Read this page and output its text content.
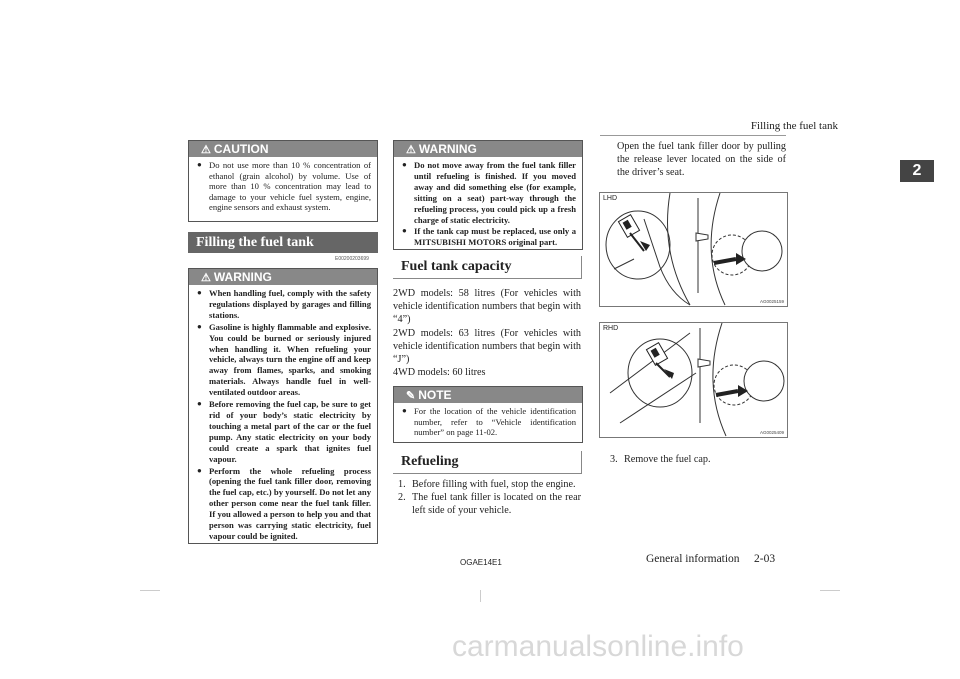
Filling the fuel tank
2
⚠ CAUTION
● Do not use more than 10 % concentration of ethanol (grain alcohol) by volume. Use of more than 10 % concentration may lead to damage to your vehicle fuel system, engine, engine sensors and exhaust system.
Filling the fuel tank
E00200203699
⚠ WARNING
● When handling fuel, comply with the safety regulations displayed by garages and filling stations.
● Gasoline is highly flammable and explosive. You could be burned or seriously injured when handling it. When refueling your vehicle, always turn the engine off and keep away from flames, sparks, and smoking materials. Always handle fuel in well-ventilated outdoor areas.
● Before removing the fuel cap, be sure to get rid of your body’s static electricity by touching a metal part of the car or the fuel pump. Any static electricity on your body could create a spark that ignites fuel vapour.
● Perform the whole refueling process (opening the fuel tank filler door, removing the fuel cap, etc.) by yourself. Do not let any other person come near the fuel tank filler. If you allowed a person to help you and that person was carrying static electricity, fuel vapour could be ignited.
⚠ WARNING
● Do not move away from the fuel tank filler until refueling is finished. If you moved away and did something else (for example, sitting on a seat) part-way through the refueling process, you could pick up a fresh charge of static electricity.
● If the tank cap must be replaced, use only a MITSUBISHI MOTORS original part.
Fuel tank capacity
2WD models: 58 litres (For vehicles with vehicle identification numbers that begin with “4”)
2WD models: 63 litres (For vehicles with vehicle identification numbers that begin with “J”)
4WD models: 60 litres
✎ NOTE
● For the location of the vehicle identification number, refer to “Vehicle identification number” on page 11-02.
Refueling
1. Before filling with fuel, stop the engine.
2. The fuel tank filler is located on the rear left side of your vehicle.
Open the fuel tank filler door by pulling the release lever located on the side of the driver’s seat.
LHD
AG0025159
RHD
AG0025409
3. Remove the fuel cap.
OGAE14E1	General information 2-03
carmanualsonline.info
